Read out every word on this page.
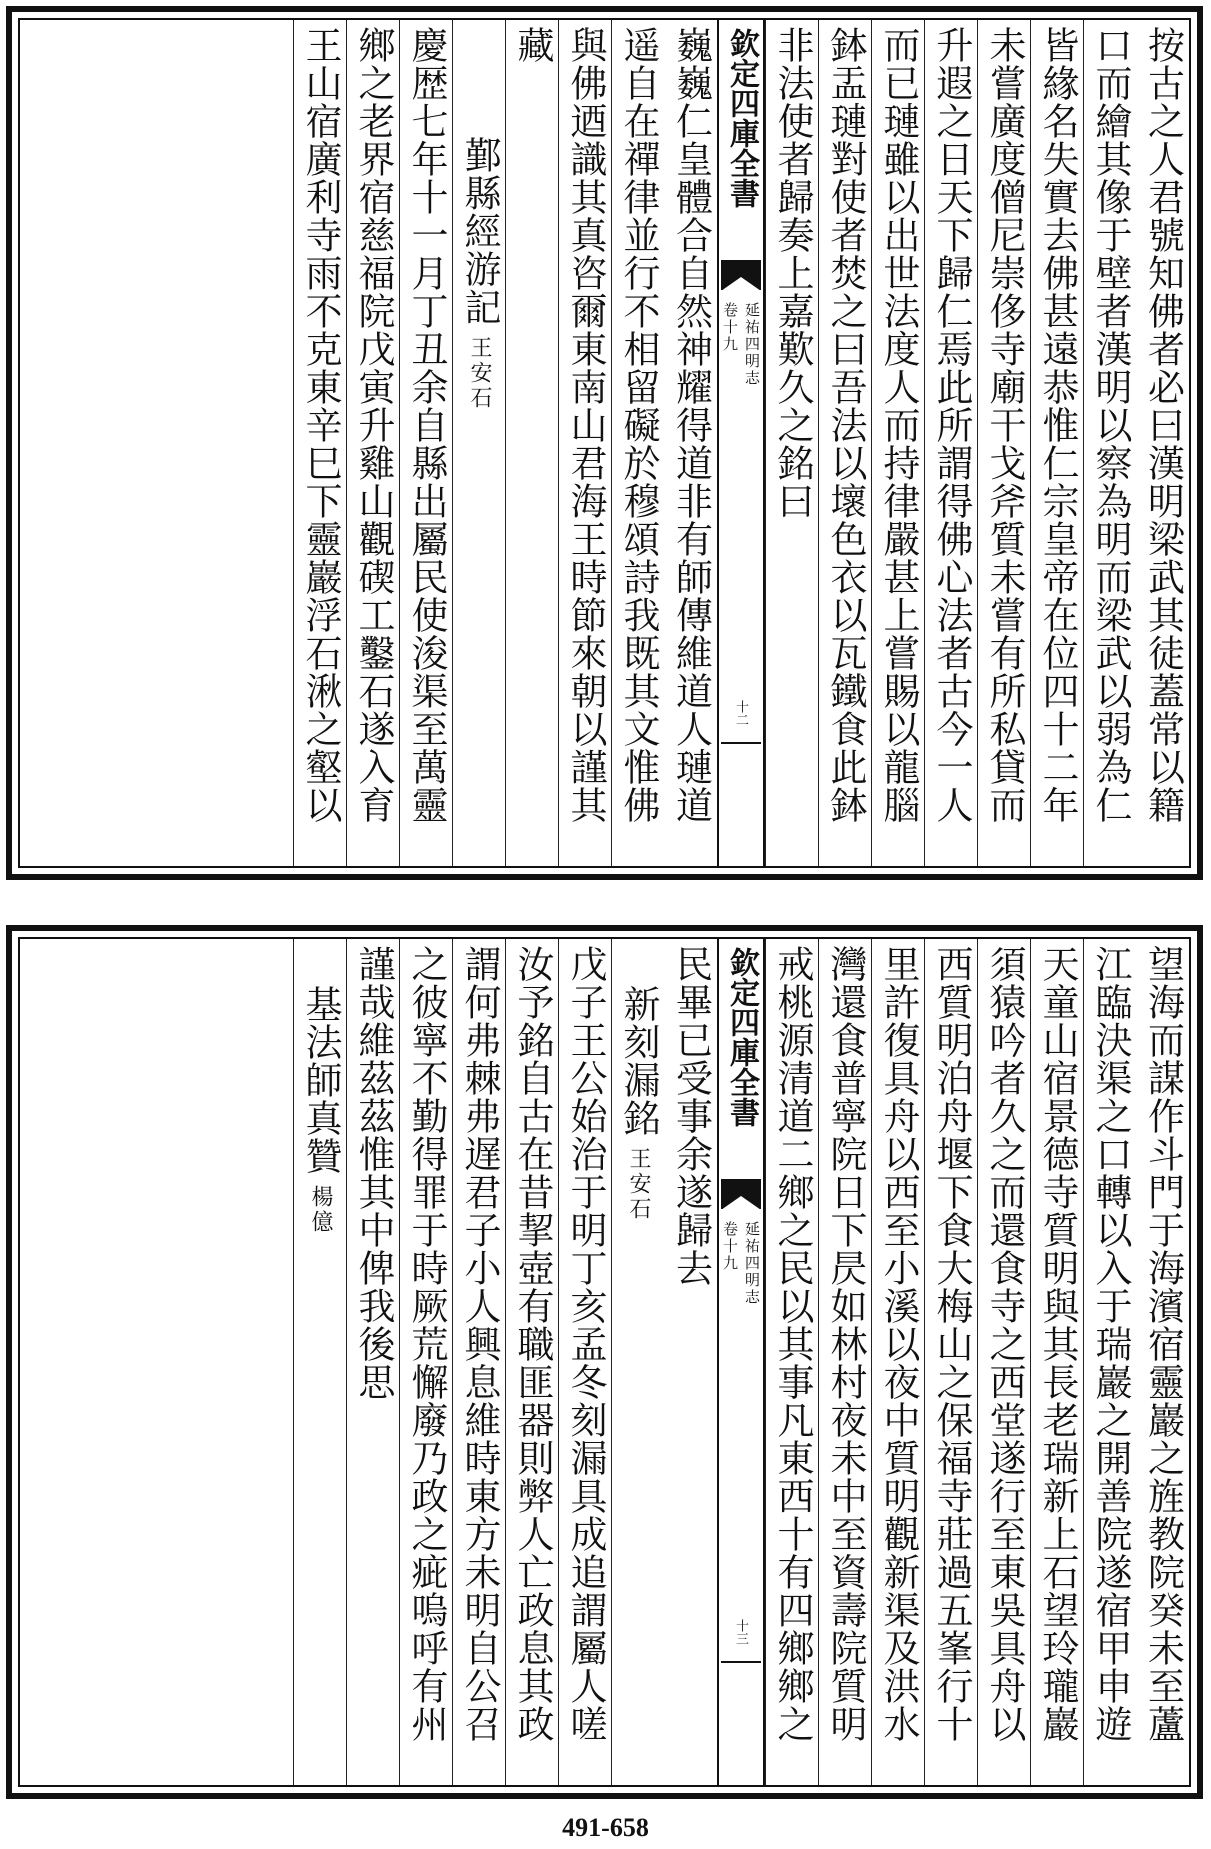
按古之人君號知佛者必曰漢明梁武其徒蓋常以籍
口而繪其像于壁者漢明以察為明而梁武以弱為仁
皆緣名失實去佛甚遠恭惟仁宗皇帝在位四十二年
未嘗廣度僧尼崇侈寺廟干戈斧質未嘗有所私貸而
升遐之日天下歸仁焉此所謂得佛心法者古今一人
而已璉雖以出世法度人而持律嚴甚上嘗賜以龍腦
鉢盂璉對使者焚之曰吾法以壞色衣以瓦鐵食此鉢
非法使者歸奏上嘉歎久之銘曰
欽定四庫全書
延祐四明志
卷十九
十二
巍巍仁皇體合自然神耀得道非有師傳維道人璉道
遥自在禪律並行不相留礙於穆頌詩我既其文惟佛
與佛迺識其真咨爾東南山君海王時節來朝以謹其
藏
鄞縣經游記
王安石
慶歴七年十一月丁丑余自縣出屬民使浚渠至萬靈
鄉之老界宿慈福院戊寅升雞山觀碶工鑿石遂入育
王山宿廣利寺雨不克東辛巳下靈巖浮石湫之壑以
望海而謀作斗門于海濱宿靈巖之旌教院癸未至蘆
江臨決渠之口轉以入于瑞巖之開善院遂宿甲申遊
天童山宿景德寺質明與其長老瑞新上石望玲瓏巖
須猿吟者久之而還食寺之西堂遂行至東吳具舟以
西質明泊舟堰下食大梅山之保福寺莊過五峯行十
里許復具舟以西至小溪以夜中質明觀新渠及洪水
灣還食普寧院日下昃如林村夜未中至資壽院質明
戒桃源清道二鄉之民以其事凡東西十有四鄉鄉之
欽定四庫全書
延祐四明志
卷十九
十三
民畢已受事余遂歸去
新刻漏銘
王安石
戊子王公始治于明丁亥孟冬刻漏具成追謂屬人嗟
汝予銘自古在昔挈壺有職匪器則弊人亡政息其政
謂何弗棘弗遅君子小人興息維時東方未明自公召
之彼寧不勤得罪于時厥荒懈廢乃政之疵嗚呼有州
謹哉維茲茲惟其中俾我後思
基法師真贊
楊億
491-658
